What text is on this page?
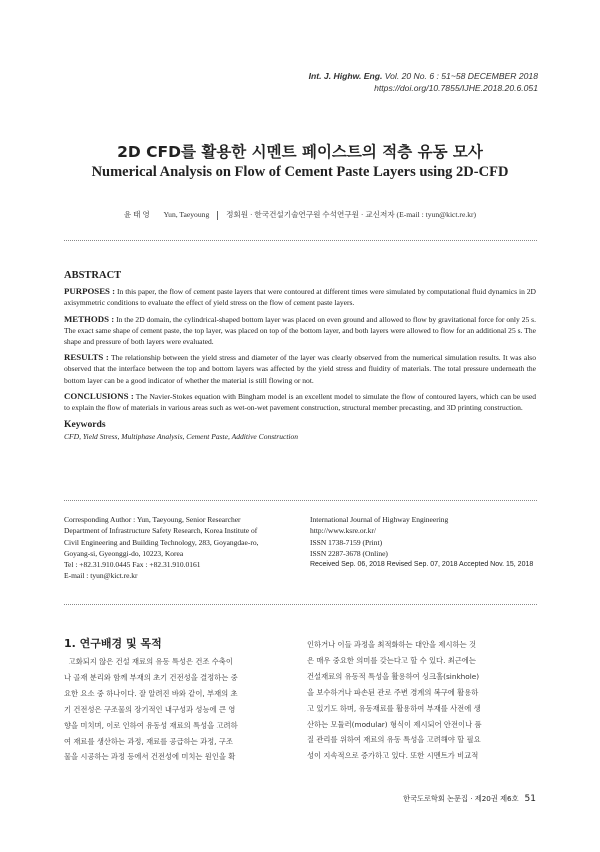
Int. J. Highw. Eng. Vol. 20 No. 6 : 51~58 DECEMBER 2018
https://doi.org/10.7855/IJHE.2018.20.6.051
2D CFD를 활용한 시멘트 페이스트의 적층 유동 모사
Numerical Analysis on Flow of Cement Paste Layers using 2D-CFD
윤 태 영 Yun, Taeyoung 정회원 · 한국건설기술연구원 수석연구원 · 교신저자 (E-mail : tyun@kict.re.kr)
ABSTRACT

PURPOSES : In this paper, the flow of cement paste layers that were contoured at different times were simulated by computational fluid dynamics in 2D axisymmetric conditions to evaluate the effect of yield stress on the flow of cement paste layers.

METHODS : In the 2D domain, the cylindrical-shaped bottom layer was placed on even ground and allowed to flow by gravitational force for only 25 s. The exact same shape of cement paste, the top layer, was placed on top of the bottom layer, and both layers were allowed to flow for an additional 25 s. The shape and pressure of both layers were evaluated.

RESULTS : The relationship between the yield stress and diameter of the layer was clearly observed from the numerical simulation results. It was also observed that the interface between the top and bottom layers was affected by the yield stress and fluidity of materials. The total pressure underneath the bottom layer can be a good indicator of whether the material is still flowing or not.

CONCLUSIONS : The Navier-Stokes equation with Bingham model is an excellent model to simulate the flow of contoured layers, which can be used to explain the flow of materials in various areas such as wet-on-wet pavement construction, structural member precasting, and 3D printing construction.

Keywords

CFD, Yield Stress, Multiphase Analysis, Cement Paste, Additive Construction

Corresponding Author : Yun, Taeyoung, Senior Researcher
Department of Infrastructure Safety Research, Korea Institute of
Civil Engineering and Building Technology, 283, Goyangdae-ro,
Goyang-si, Gyeonggi-do, 10223, Korea
Tel : +82.31.910.0445 Fax : +82.31.910.0161
E-mail : tyun@kict.re.kr
International Journal of Highway Engineering
http://www.ksre.or.kr/
ISSN 1738-7159 (Print)
ISSN 2287-3678 (Online)
Received Sep. 06, 2018 Revised Sep. 07, 2018 Accepted Nov. 15, 2018
1. 연구배경 및 목적
고화되지 않은 건설 재료의 유동 특성은 건조 수축이
나 골재 분리와 함께 부재의 초기 건전성을 결정하는 중
요한 요소 중 하나이다. 잘 알려진 바와 같이, 부재의 초
기 건전성은 구조물의 장기적인 내구성과 성능에 큰 영
향을 미치며, 이로 인하여 유동성 재료의 특성을 고려하
여 재료를 생산하는 과정, 재료를 공급하는 과정, 구조
물을 시공하는 과정 등에서 건전성에 미치는 원인을 확
인하거나 이들 과정을 최적화하는 대안을 제시하는 것
은 매우 중요한 의미를 갖는다고 할 수 있다. 최근에는
건설재료의 유동적 특성을 활용하여 싱크홀(sinkhole)
을 보수하거나 파손된 관로 주변 경계의 복구에 활용하
고 있기도 하며, 유동재료를 활용하여 부재를 사전에 생
산하는 모듈러(modular) 형식이 제시되어 안전이나 품
질 관리를 위하여 재료의 유동 특성을 고려해야 할 필요
성이 지속적으로 증가하고 있다. 또한 시멘트가 비교적
한국도로학회 논문집 · 제20권 제6호 51
